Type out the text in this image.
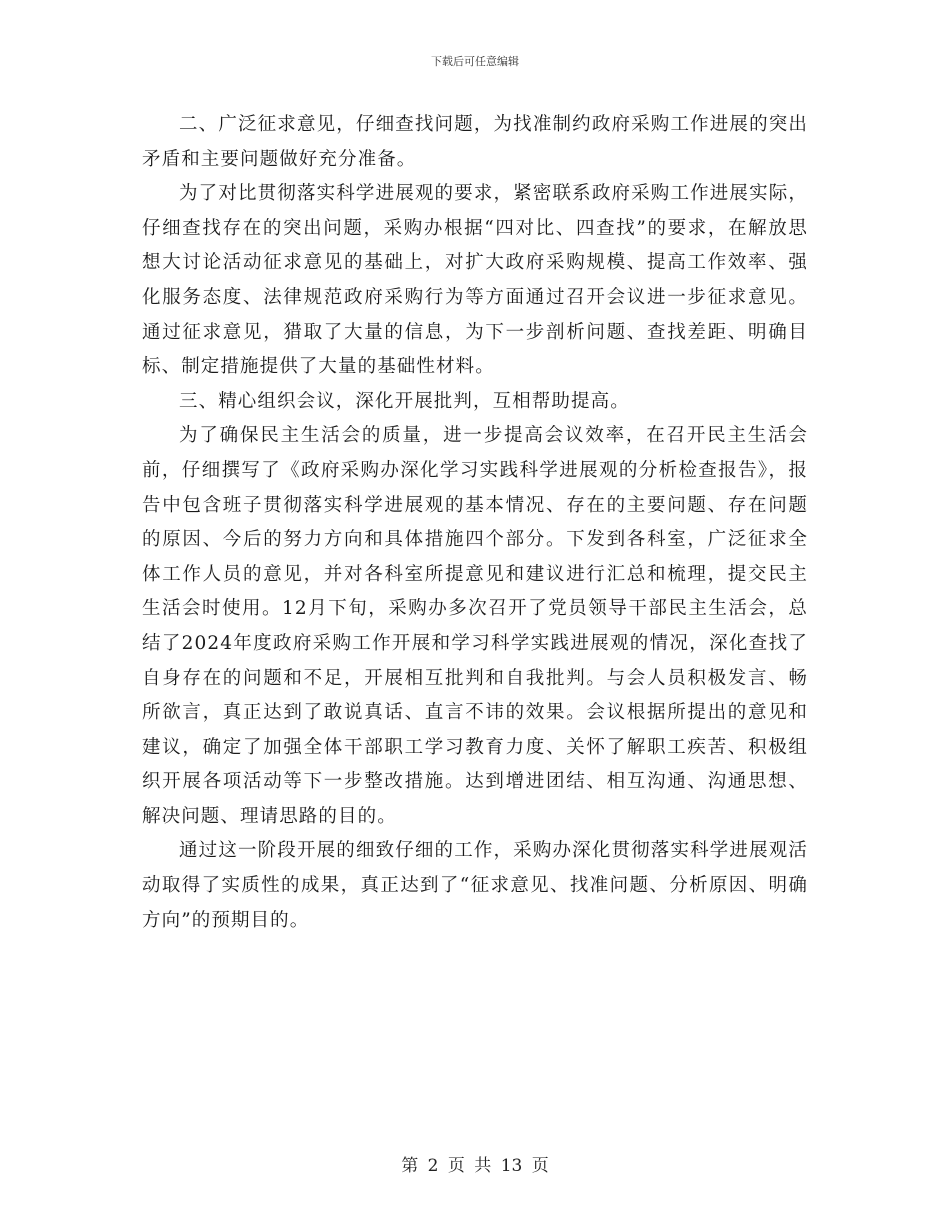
下载后可任意编辑

二、广泛征求意见，仔细查找问题，为找准制约政府采购工作进展的突出矛盾和主要问题做好充分准备。

为了对比贯彻落实科学进展观的要求，紧密联系政府采购工作进展实际，仔细查找存在的突出问题，采购办根据“四对比、四查找”的要求，在解放思想大讨论活动征求意见的基础上，对扩大政府采购规模、提高工作效率、强化服务态度、法律规范政府采购行为等方面通过召开会议进一步征求意见。通过征求意见，猎取了大量的信息，为下一步剖析问题、查找差距、明确目标、制定措施提供了大量的基础性材料。

三、精心组织会议，深化开展批判，互相帮助提高。

为了确保民主生活会的质量，进一步提高会议效率，在召开民主生活会前，仔细撰写了《政府采购办深化学习实践科学进展观的分析检查报告》，报告中包含班子贯彻落实科学进展观的基本情况、存在的主要问题、存在问题的原因、今后的努力方向和具体措施四个部分。下发到各科室，广泛征求全体工作人员的意见，并对各科室所提意见和建议进行汇总和梳理，提交民主生活会时使用。12月下旬，采购办多次召开了党员领导干部民主生活会，总结了2024年度政府采购工作开展和学习科学实践进展观的情况，深化查找了自身存在的问题和不足，开展相互批判和自我批判。与会人员积极发言、畅所欲言，真正达到了敢说真话、直言不讳的效果。会议根据所提出的意见和建议，确定了加强全体干部职工学习教育力度、关怀了解职工疾苦、积极组织开展各项活动等下一步整改措施。达到增进团结、相互沟通、沟通思想、解决问题、理请思路的目的。

通过这一阶段开展的细致仔细的工作，采购办深化贯彻落实科学进展观活动取得了实质性的成果，真正达到了“征求意见、找准问题、分析原因、明确方向”的预期目的。

第 2 页 共 13 页
